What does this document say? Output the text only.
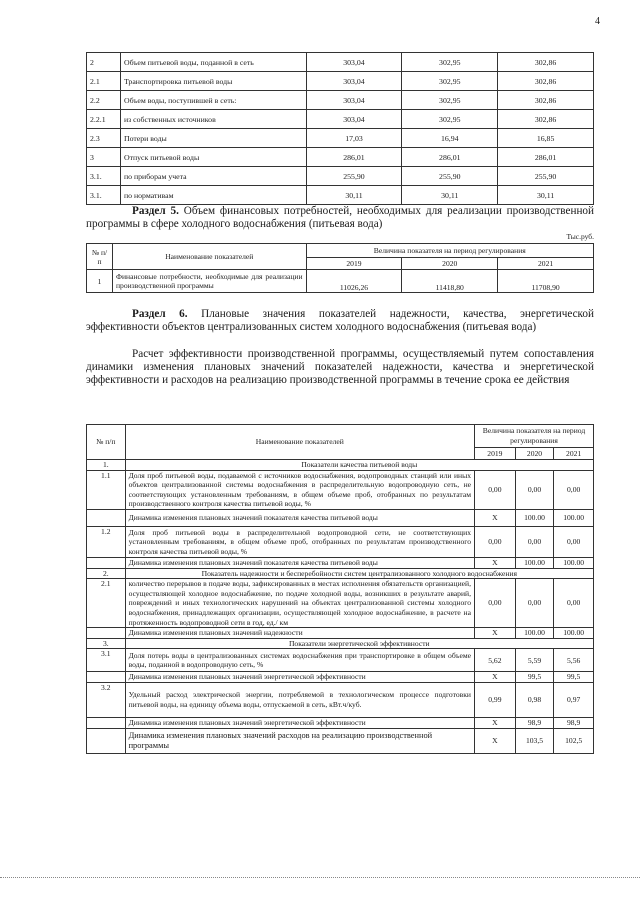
4
2	Объем питьевой воды, поданной в сеть	303,04	302,95	302,86
2.1	Транспортировка питьевой воды	303,04	302,95	302,86
2.2	Объем воды, поступившей в сеть:	303,04	302,95	302,86
2.2.1	из собственных источников	303,04	302,95	302,86
2.3	Потери воды	17,03	16,94	16,85
3	Отпуск питьевой воды	286,01	286,01	286,01
3.1.	по приборам учета	255,90	255,90	255,90
3.1.	по нормативам	30,11	30,11	30,11
Раздел 5. Объем финансовых потребностей, необходимых для реализации производственной программы в сфере холодного водоснабжения (питьевая вода)
Тыс.руб.
№ п/п	Наименование показателей	Величина показателя на период регулирования		
		2019	2020	2021
1	Финансовые потребности, необходимые для реализации производственной программы	11026,26	11418,80	11708,90
Раздел 6. Плановые значения показателей надежности, качества, энергетической эффективности объектов централизованных систем холодного водоснабжения (питьевая вода)
Расчет эффективности производственной программы, осуществляемый путем сопоставления динамики изменения плановых значений показателей надежности, качества и энергетической эффективности и расходов на реализацию производственной программы в течение срока ее действия
№ п/п	Наименование показателей	Величина показателя на период регулирования		
		2019	2020	2021
1.	Показатели качества питьевой воды			
1.1	Доля проб питьевой воды, подаваемой с источников водоснабжения, водопроводных станций или иных объектов централизованной системы водоснабжения в распределительную водопроводную сеть, не соответствующих установленным требованиям, в общем объеме проб, отобранных по результатам производственного контроля качества питьевой воды, %	0,00	0,00	0,00
	Динамика изменения плановых значений показателя качества питьевой воды	X	100.00	100.00
1.2	Доля проб питьевой воды в распределительной водопроводной сети, не соответствующих установленным требованиям, в общем объеме проб, отобранных по результатам производственного контроля качества питьевой воды, %	0,00	0,00	0,00
	Динамика изменения плановых значений показателя качества питьевой воды	X	100.00	100.00
2.	Показатель надежности и бесперебойности систем централизованного холодного водоснабжения			
2.1	количество перерывов в подаче воды, зафиксированных в местах исполнения обязательств организацией, осуществляющей холодное водоснабжение, по подаче холодной воды, возникших в результате аварий, повреждений и иных технологических нарушений на объектах централизованной системы холодного водоснабжения, принадлежащих организации, осуществляющей холодное водоснабжение, в расчете на протяженность водопроводной сети в год, ед./ км	0,00	0,00	0,00
	Динамика изменения плановых значений надежности	X	100.00	100.00
3.	Показатели энергетической эффективности			
3.1	Доля потерь воды в централизованных системах водоснабжения при транспортировке в общем объеме воды, поданной в водопроводную сеть, %	5,62	5,59	5,56
	Динамика изменения плановых значений энергетической эффективности	X	99,5	99,5
3.2	Удельный расход электрической энергии, потребляемой в технологическом процессе подготовки питьевой воды, на единицу объема воды, отпускаемой в сеть, кВт.ч/куб.	0,99	0,98	0,97
	Динамика изменения плановых значений энергетической эффективности	X	98,9	98,9
	Динамика изменения плановых значений расходов на реализацию производственной программы	X	103,5	102,5
